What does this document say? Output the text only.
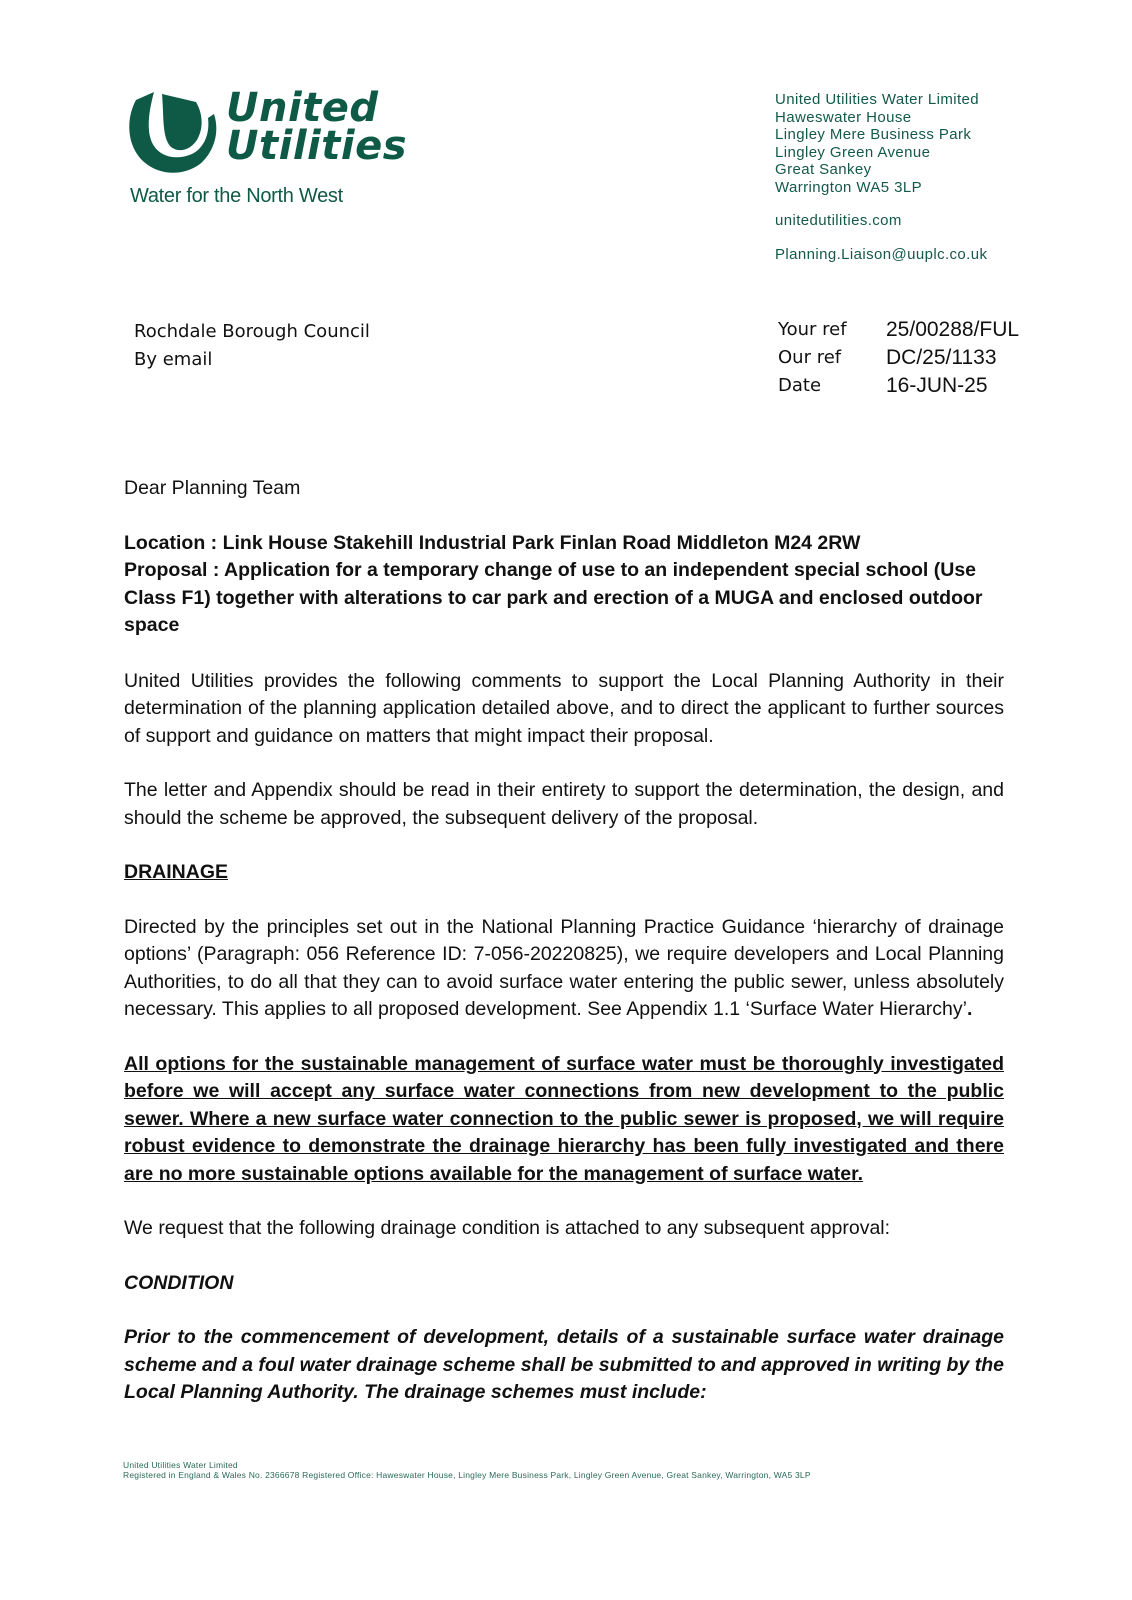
United
Utilities
Water for the North West
United Utilities Water Limited
Haweswater House
Lingley Mere Business Park
Lingley Green Avenue
Great Sankey
Warrington WA5 3LP
unitedutilities.com
Planning.Liaison@uuplc.co.uk
Rochdale Borough Council
By email
Your ref	25/00288/FUL
Our ref	DC/25/1133
Date	16-JUN-25

Dear Planning Team

Location : Link House Stakehill Industrial Park Finlan Road Middleton M24 2RW
Proposal : Application for a temporary change of use to an independent special school (Use Class F1) together with alterations to car park and erection of a MUGA and enclosed outdoor space

United Utilities provides the following comments to support the Local Planning Authority in their determination of the planning application detailed above, and to direct the applicant to further sources of support and guidance on matters that might impact their proposal.

The letter and Appendix should be read in their entirety to support the determination, the design, and should the scheme be approved, the subsequent delivery of the proposal.

DRAINAGE

Directed by the principles set out in the National Planning Practice Guidance ‘hierarchy of drainage options’ (Paragraph: 056 Reference ID: 7-056-20220825), we require developers and Local Planning Authorities, to do all that they can to avoid surface water entering the public sewer, unless absolutely necessary. This applies to all proposed development. See Appendix 1.1 ‘Surface Water Hierarchy’.

All options for the sustainable management of surface water must be thoroughly investigated before we will accept any surface water connections from new development to the public sewer. Where a new surface water connection to the public sewer is proposed, we will require robust evidence to demonstrate the drainage hierarchy has been fully investigated and there are no more sustainable options available for the management of surface water.

We request that the following drainage condition is attached to any subsequent approval:

CONDITION

Prior to the commencement of development, details of a sustainable surface water drainage scheme and a foul water drainage scheme shall be submitted to and approved in writing by the Local Planning Authority. The drainage schemes must include:

United Utilities Water Limited
Registered in England & Wales No. 2366678 Registered Office: Haweswater House, Lingley Mere Business Park, Lingley Green Avenue, Great Sankey, Warrington, WA5 3LP
